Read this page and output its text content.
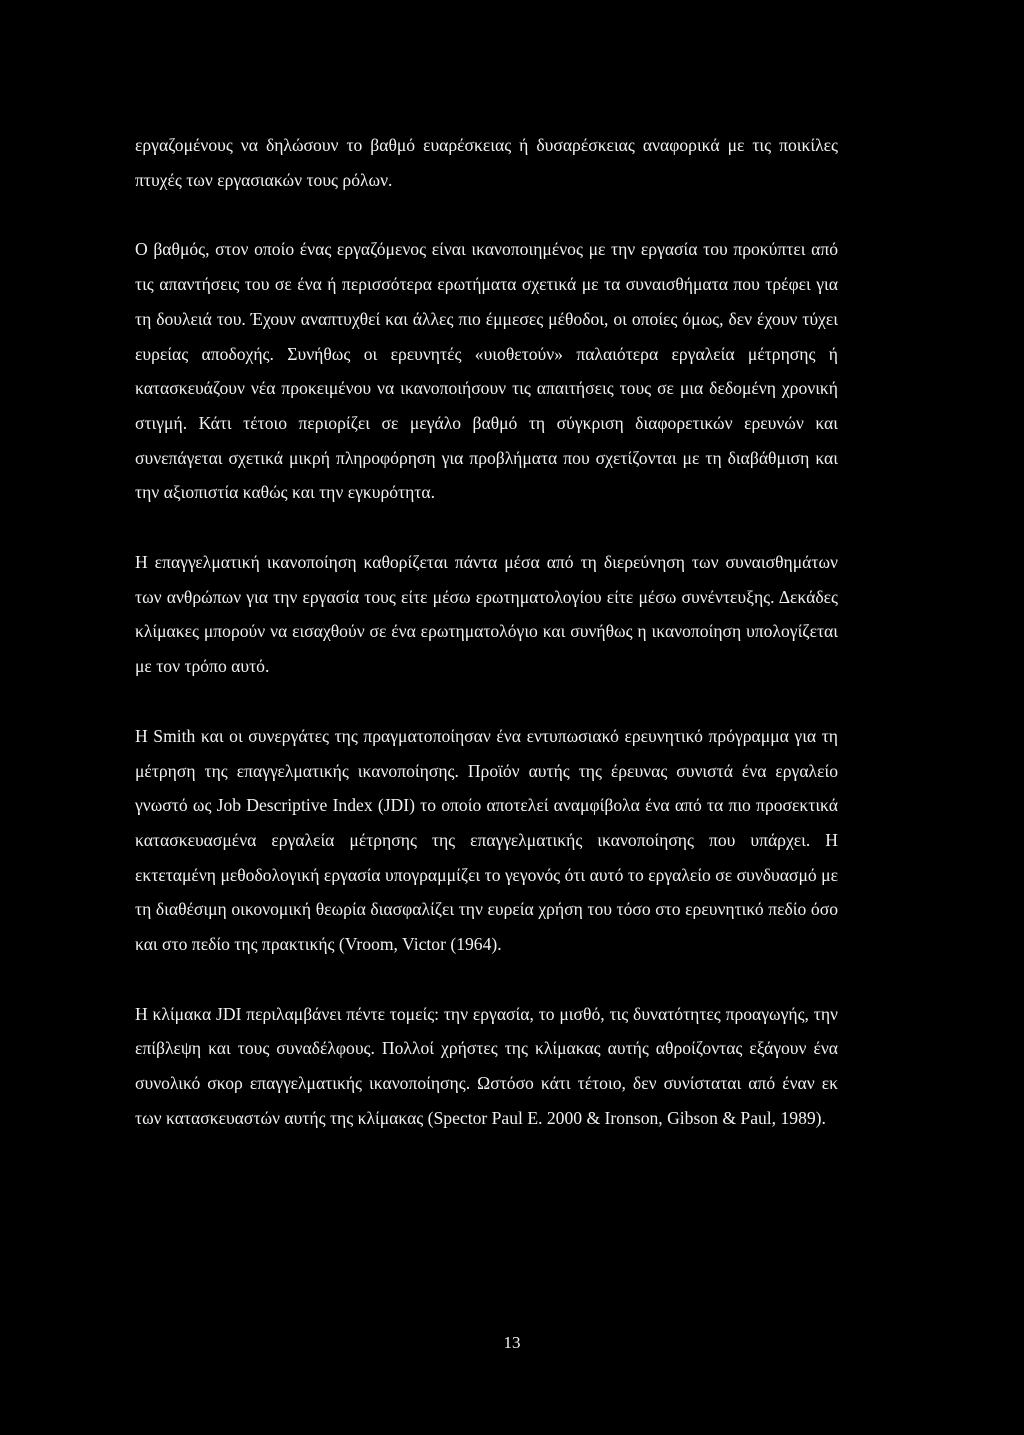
εργαζομένους να δηλώσουν το βαθμό ευαρέσκειας ή δυσαρέσκειας αναφορικά με τις ποικίλες πτυχές των εργασιακών τους ρόλων.

Ο βαθμός, στον οποίο ένας εργαζόμενος είναι ικανοποιημένος με την εργασία του προκύπτει από τις απαντήσεις του σε ένα ή περισσότερα ερωτήματα σχετικά με τα συναισθήματα που τρέφει για τη δουλειά του. Έχουν αναπτυχθεί και άλλες πιο έμμεσες μέθοδοι, οι οποίες όμως, δεν έχουν τύχει ευρείας αποδοχής. Συνήθως οι ερευνητές «υιοθετούν» παλαιότερα εργαλεία μέτρησης ή κατασκευάζουν νέα προκειμένου να ικανοποιήσουν τις απαιτήσεις τους σε μια δεδομένη χρονική στιγμή. Κάτι τέτοιο περιορίζει σε μεγάλο βαθμό τη σύγκριση διαφορετικών ερευνών και συνεπάγεται σχετικά μικρή πληροφόρηση για προβλήματα που σχετίζονται με τη διαβάθμιση και την αξιοπιστία καθώς και την εγκυρότητα.

Η επαγγελματική ικανοποίηση καθορίζεται πάντα μέσα από τη διερεύνηση των συναισθημάτων των ανθρώπων για την εργασία τους είτε μέσω ερωτηματολογίου είτε μέσω συνέντευξης. Δεκάδες κλίμακες μπορούν να εισαχθούν σε ένα ερωτηματολόγιο και συνήθως η ικανοποίηση υπολογίζεται με τον τρόπο αυτό.

Η Smith και οι συνεργάτες της πραγματοποίησαν ένα εντυπωσιακό ερευνητικό πρόγραμμα για τη μέτρηση της επαγγελματικής ικανοποίησης. Προϊόν αυτής της έρευνας συνιστά ένα εργαλείο γνωστό ως Job Descriptive Index (JDI) το οποίο αποτελεί αναμφίβολα ένα από τα πιο προσεκτικά κατασκευασμένα εργαλεία μέτρησης της επαγγελματικής ικανοποίησης που υπάρχει. Η εκτεταμένη μεθοδολογική εργασία υπογραμμίζει το γεγονός ότι αυτό το εργαλείο σε συνδυασμό με τη διαθέσιμη οικονομική θεωρία διασφαλίζει την ευρεία χρήση του τόσο στο ερευνητικό πεδίο όσο και στο πεδίο της πρακτικής (Vroom, Victor (1964).

Η κλίμακα JDI περιλαμβάνει πέντε τομείς: την εργασία, το μισθό, τις δυνατότητες προαγωγής, την επίβλεψη και τους συναδέλφους. Πολλοί χρήστες της κλίμακας αυτής αθροίζοντας εξάγουν ένα συνολικό σκορ επαγγελματικής ικανοποίησης. Ωστόσο κάτι τέτοιο, δεν συνίσταται από έναν εκ των κατασκευαστών αυτής της κλίμακας (Spector Paul E. 2000 & Ironson, Gibson & Paul, 1989).

13
